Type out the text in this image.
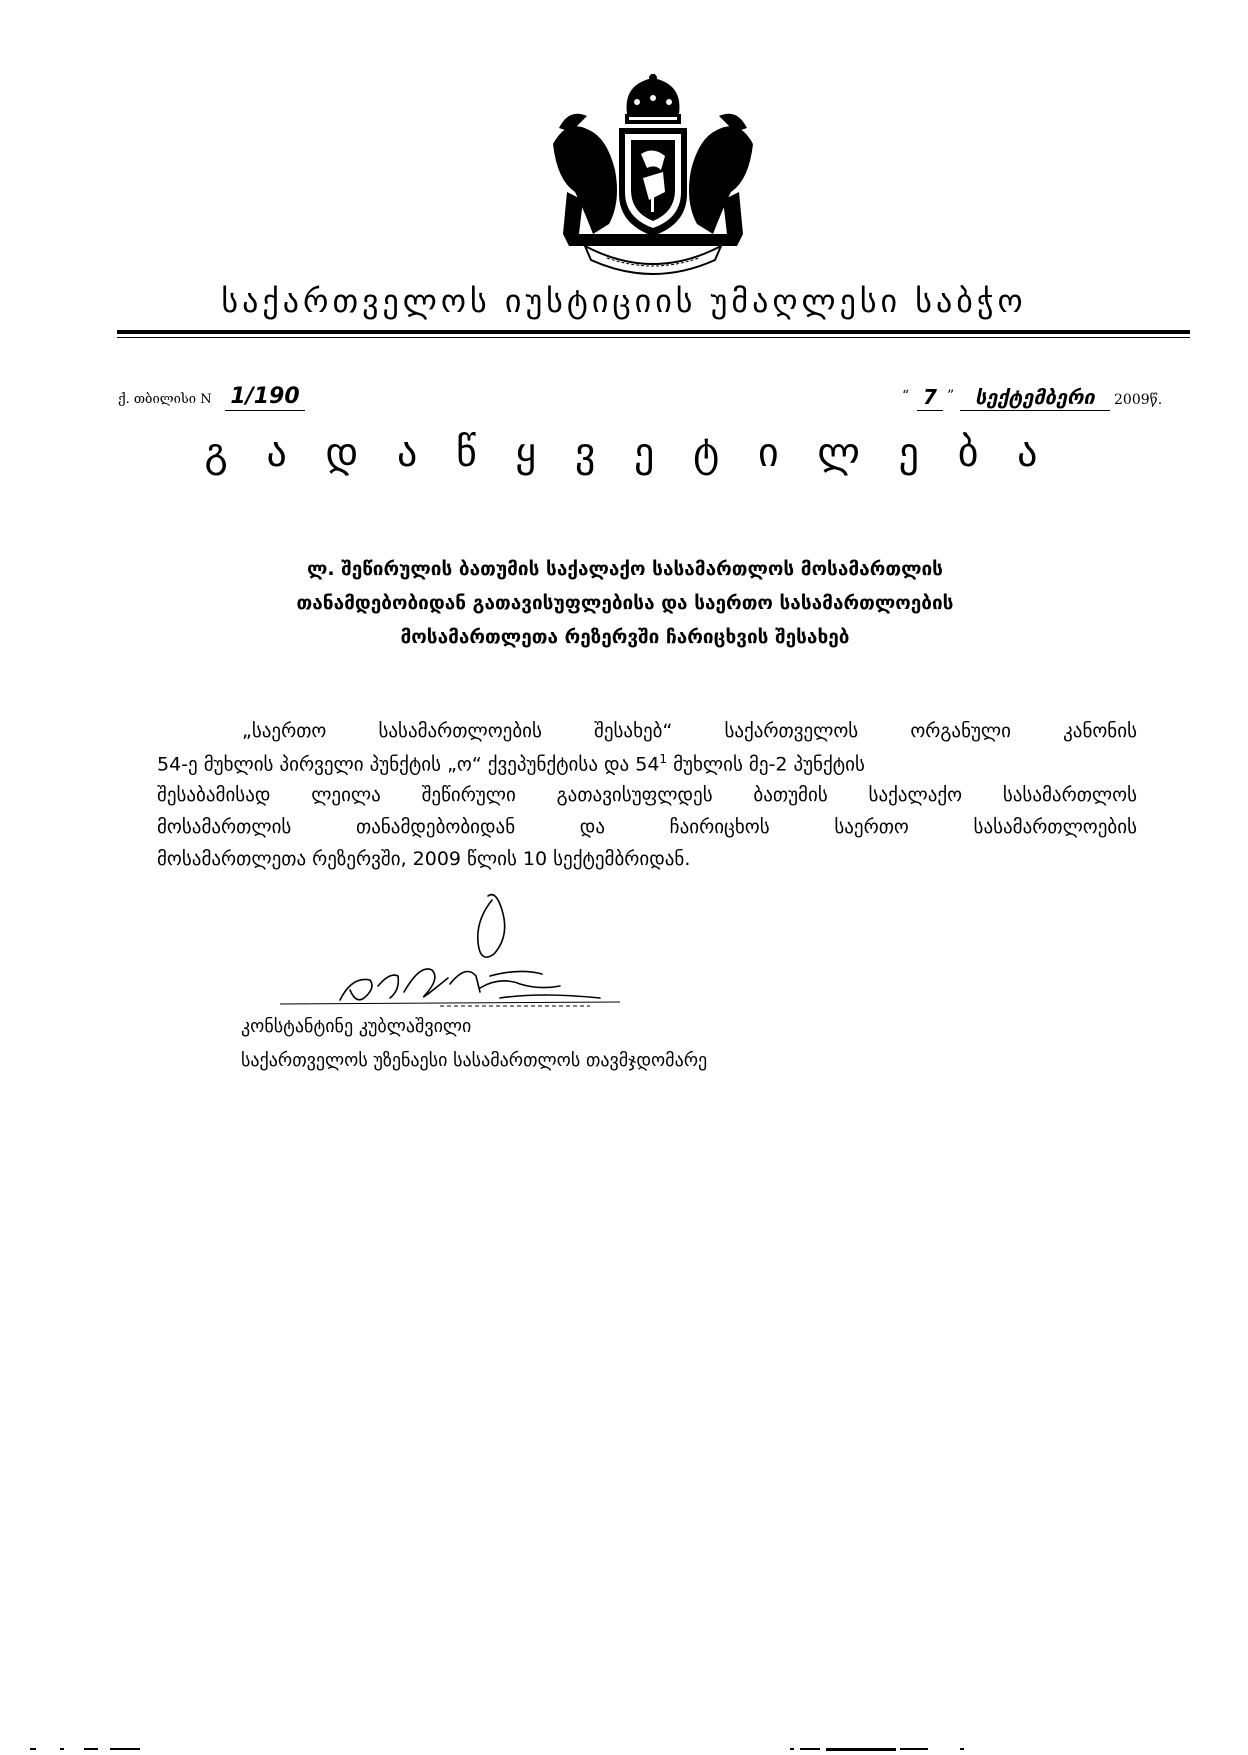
საქართველოს იუსტიციის უმაღლესი საბჭო
ქ. თბილისი N 1/190	“ 7 ”	სექტემბერი	2009წ.
გ ა დ ა წ ყ ვ ე ტ ი ლ ე ბ ა
ლ. შეწირულის ბათუმის საქალაქო სასამართლოს მოსამართლის
თანამდებობიდან გათავისუფლებისა და საერთო სასამართლოების
მოსამართლეთა რეზერვში ჩარიცხვის შესახებ
„საერთო სასამართლოების შესახებ“ საქართველოს ორგანული კანონის
54-ე მუხლის პირველი პუნქტის „ო“ ქვეპუნქტისა და $54^1$ მუხლის მე-2 პუნქტის
შესაბამისად ლეილა შეწირული გათავისუფლდეს ბათუმის საქალაქო სასამართლოს
მოსამართლის თანამდებობიდან და ჩაირიცხოს საერთო სასამართლოების
მოსამართლეთა რეზერვში, 2009 წლის 10 სექტემბრიდან.
კონსტანტინე კუბლაშვილი
საქართველოს უზენაესი სასამართლოს თავმჯდომარე
